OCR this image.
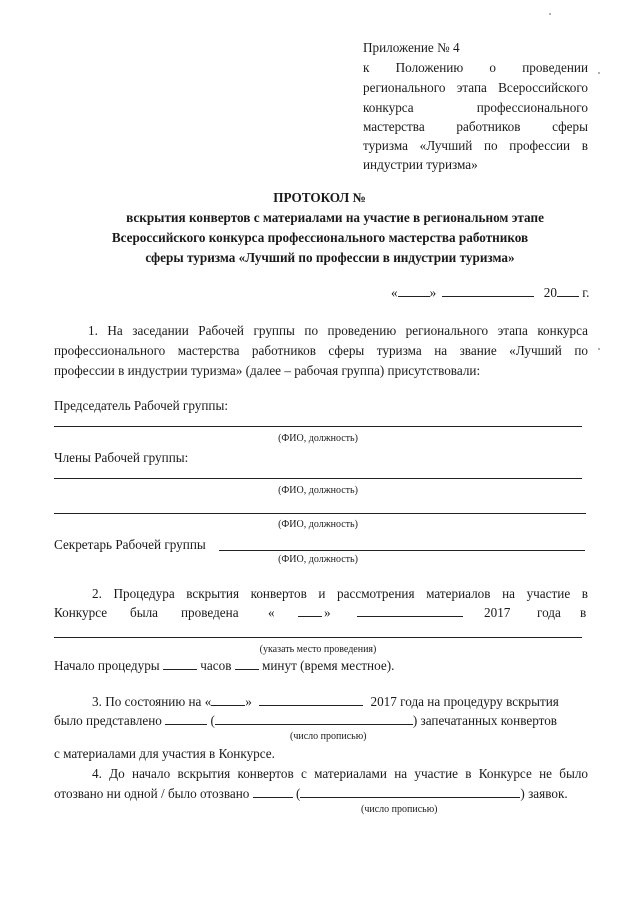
Приложение № 4
к Положению о проведении
регионального этапа Всероссийского
конкурса профессионального
мастерства работников сферы
туризма «Лучший по профессии в
индустрии туризма»
ПРОТОКОЛ №
вскрытия конвертов с материалами на участие в региональном этапе
Всероссийского конкурса профессионального мастерства работников
сферы туризма «Лучший по профессии в индустрии туризма»
« »	20 г.
1. На заседании Рабочей группы по проведению регионального этапа конкурса
профессионального мастерства работников сферы туризма на звание «Лучший по
профессии в индустрии туризма» (далее – рабочая группа) присутствовали:
Председатель Рабочей группы:
(ФИО, должность)
Члены Рабочей группы:
(ФИО, должность)
(ФИО, должность)
Секретарь Рабочей группы
(ФИО, должность)
2. Процедура вскрытия конвертов и рассмотрения материалов на участие в
Конкурсе была проведена «	»	2017 года в
(указать место проведения)
Начало процедуры	часов минут (время местное).
3. По состоянию на «	»	2017 года на процедуру вскрытия
было представлено	(	) запечатанных конвертов
(число прописью)
с материалами для участия в Конкурсе.
4. До начало вскрытия конвертов с материалами на участие в Конкурсе не было
отозвано ни одной / было отозвано	(	) заявок.
(число прописью)
